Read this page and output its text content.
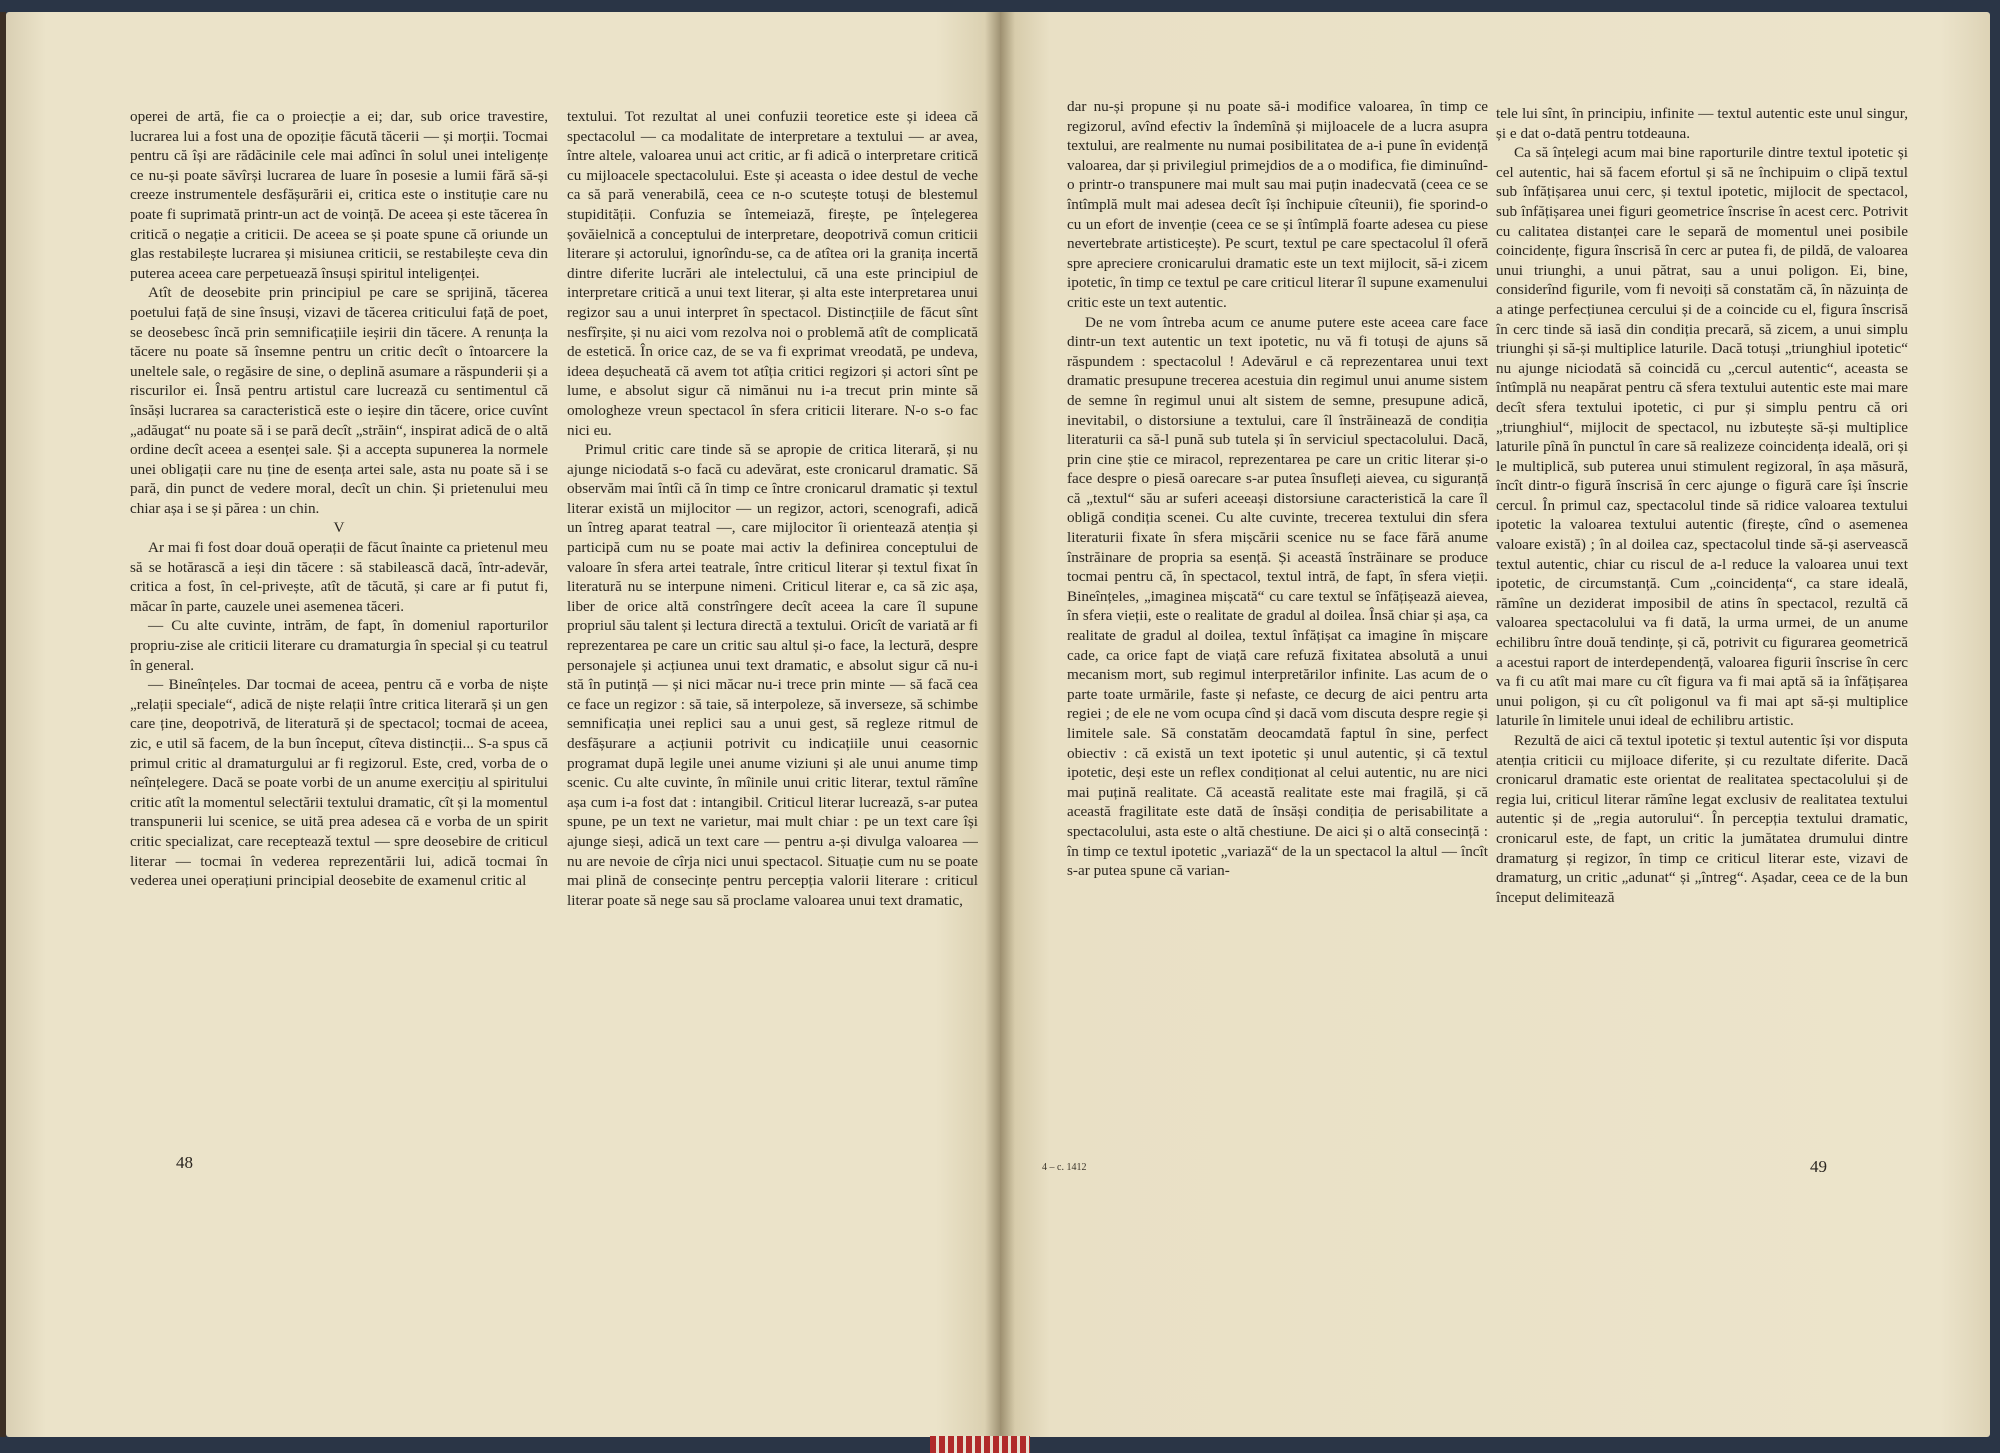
operei de artă, fie ca o proiecție a ei; dar, sub orice travestire, lucrarea lui a fost una de opoziție făcută tăcerii — și morții. Tocmai pentru că își are rădăcinile cele mai adînci în solul unei inteligențe ce nu-și poate săvîrși lucrarea de luare în posesie a lumii fără să-și creeze instrumentele desfășurării ei, critica este o instituție care nu poate fi suprimată printr-un act de voință. De aceea și este tăcerea în critică o negație a criticii. De aceea se și poate spune că oriunde un glas restabilește lucrarea și misiunea criticii, se restabilește ceva din puterea aceea care perpetuează însuși spiritul inteligenței.

Atît de deosebite prin principiul pe care se sprijină, tăcerea poetului față de sine însuși, vizavi de tăcerea criticului față de poet, se deosebesc încă prin semnificațiile ieșirii din tăcere. A renunța la tăcere nu poate să însemne pentru un critic decît o întoarcere la uneltele sale, o regăsire de sine, o deplină asumare a răspunderii și a riscurilor ei. Însă pentru artistul care lucrează cu sentimentul că însăși lucrarea sa caracteristică este o ieșire din tăcere, orice cuvînt „adăugat“ nu poate să i se pară decît „străin“, inspirat adică de o altă ordine decît aceea a esenței sale. Și a accepta supunerea la normele unei obligații care nu ține de esența artei sale, asta nu poate să i se pară, din punct de vedere moral, decît un chin. Și prietenului meu chiar așa i se și părea : un chin.

V

Ar mai fi fost doar două operații de făcut înainte ca prietenul meu să se hotărască a ieși din tăcere : să stabilească dacă, într-adevăr, critica a fost, în cel-privește, atît de tăcută, și care ar fi putut fi, măcar în parte, cauzele unei asemenea tăceri.

— Cu alte cuvinte, intrăm, de fapt, în domeniul raporturilor propriu-zise ale criticii literare cu dramaturgia în special și cu teatrul în general.

— Bineînțeles. Dar tocmai de aceea, pentru că e vorba de niște „relații speciale“, adică de niște relații între critica literară și un gen care ține, deopotrivă, de literatură și de spectacol; tocmai de aceea, zic, e util să facem, de la bun început, cîteva distincții... S-a spus că primul critic al dramaturgului ar fi regizorul. Este, cred, vorba de o neînțelegere. Dacă se poate vorbi de un anume exercițiu al spiritului critic atît la momentul selectării textului dramatic, cît și la momentul transpunerii lui scenice, se uită prea adesea că e vorba de un spirit critic specializat, care recepteazǎ textul — spre deosebire de criticul literar — tocmai în vederea reprezentării lui, adică tocmai în vederea unei operațiuni principial deosebite de examenul critic al

textului. Tot rezultat al unei confuzii teoretice este și ideea că spectacolul — ca modalitate de interpretare a textului — ar avea, între altele, valoarea unui act critic, ar fi adică o interpretare critică cu mijloacele spectacolului. Este și aceasta o idee destul de veche ca să pară venerabilă, ceea ce n-o scutește totuși de blestemul stupidității. Confuzia se întemeiază, firește, pe înțelegerea șovăielnică a conceptului de interpretare, deopotrivă comun criticii literare și actorului, ignorîndu-se, ca de atîtea ori la granița incertă dintre diferite lucrări ale intelectului, că una este principiul de interpretare critică a unui text literar, și alta este interpretarea unui regizor sau a unui interpret în spectacol. Distincțiile de făcut sînt nesfîrșite, și nu aici vom rezolva noi o problemă atît de complicată de estetică. În orice caz, de se va fi exprimat vreodată, pe undeva, ideea deșucheată că avem tot atîția critici regizori și actori sînt pe lume, e absolut sigur că nimănui nu i-a trecut prin minte să omologheze vreun spectacol în sfera criticii literare. N-o s-o fac nici eu.

Primul critic care tinde să se apropie de critica literară, și nu ajunge niciodată s-o facă cu adevărat, este cronicarul dramatic. Să observăm mai întîi că în timp ce între cronicarul dramatic și textul literar există un mijlocitor — un regizor, actori, scenografi, adică un întreg aparat teatral —, care mijlocitor îi orientează atenția și participă cum nu se poate mai activ la definirea conceptului de valoare în sfera artei teatrale, între criticul literar și textul fixat în literatură nu se interpune nimeni. Criticul literar e, ca să zic așa, liber de orice altă constrîngere decît aceea la care îl supune propriul său talent și lectura directă a textului. Oricît de variată ar fi reprezentarea pe care un critic sau altul și-o face, la lectură, despre personajele și acțiunea unui text dramatic, e absolut sigur că nu-i stă în putință — și nici măcar nu-i trece prin minte — să facă cea ce face un regizor : să taie, să interpoleze, să inverseze, să schimbe semnificația unei replici sau a unui gest, să regleze ritmul de desfășurare a acțiunii potrivit cu indicațiile unui ceasornic programat după legile unei anume viziuni și ale unui anume timp scenic. Cu alte cuvinte, în mîinile unui critic literar, textul rămîne așa cum i-a fost dat : intangibil. Criticul literar lucrează, s-ar putea spune, pe un text ne varietur, mai mult chiar : pe un text care își ajunge sieși, adică un text care — pentru a-și divulga valoarea — nu are nevoie de cîrja nici unui spectacol. Situație cum nu se poate mai plină de consecințe pentru percepția valorii literare : criticul literar poate să nege sau să proclame valoarea unui text dramatic,

48

dar nu-și propune și nu poate să-i modifice valoarea, în timp ce regizorul, avînd efectiv la îndemînă și mijloacele de a lucra asupra textului, are realmente nu numai posibilitatea de a-i pune în evidență valoarea, dar și privilegiul primejdios de a o modifica, fie diminuînd-o printr-o transpunere mai mult sau mai puțin inadecvată (ceea ce se întîmplă mult mai adesea decît își închipuie cîteunii), fie sporind-o cu un efort de invenție (ceea ce se și întîmplă foarte adesea cu piese nevertebrate artisticește). Pe scurt, textul pe care spectacolul îl oferă spre apreciere cronicarului dramatic este un text mijlocit, să-i zicem ipotetic, în timp ce textul pe care criticul literar îl supune examenului critic este un text autentic.

De ne vom întreba acum ce anume putere este aceea care face dintr-un text autentic un text ipotetic, nu vă fi totuși de ajuns să răspundem : spectacolul ! Adevărul e că reprezentarea unui text dramatic presupune trecerea acestuia din regimul unui anume sistem de semne în regimul unui alt sistem de semne, presupune adică, inevitabil, o distorsiune a textului, care îl înstrăinează de condiția literaturii ca să-l pună sub tutela și în serviciul spectacolului. Dacă, prin cine știe ce miracol, reprezentarea pe care un critic literar și-o face despre o piesă oarecare s-ar putea însufleți aievea, cu siguranță că „textul“ său ar suferi aceeași distorsiune caracteristică la care îl obligă condiția scenei. Cu alte cuvinte, trecerea textului din sfera literaturii fixate în sfera mișcării scenice nu se face fără anume înstrăinare de propria sa esență. Și această înstrăinare se produce tocmai pentru că, în spectacol, textul intră, de fapt, în sfera vieții. Bineînțeles, „imaginea mișcată“ cu care textul se înfățișează aievea, în sfera vieții, este o realitate de gradul al doilea. Însă chiar și așa, ca realitate de gradul al doilea, textul înfățișat ca imagine în mișcare cade, ca orice fapt de viață care refuză fixitatea absolută a unui mecanism mort, sub regimul interpretărilor infinite. Las acum de o parte toate urmările, faste și nefaste, ce decurg de aici pentru arta regiei ; de ele ne vom ocupa cînd și dacă vom discuta despre regie și limitele sale. Să constatăm deocamdată faptul în sine, perfect obiectiv : că există un text ipotetic și unul autentic, și că textul ipotetic, deși este un reflex condiționat al celui autentic, nu are nici mai puțină realitate. Că această realitate este mai fragilă, și că această fragilitate este dată de însăși condiția de perisabilitate a spectacolului, asta este o altă chestiune. De aici și o altă consecință : în timp ce textul ipotetic „variază“ de la un spectacol la altul — încît s-ar putea spune că varian-

tele lui sînt, în principiu, infinite — textul autentic este unul singur, și e dat o-dată pentru totdeauna.

Ca să înțelegi acum mai bine raporturile dintre textul ipotetic și cel autentic, hai să facem efortul și să ne închipuim o clipă textul sub înfățișarea unui cerc, și textul ipotetic, mijlocit de spectacol, sub înfățișarea unei figuri geometrice înscrise în acest cerc. Potrivit cu calitatea distanței care le separă de momentul unei posibile coincidențe, figura înscrisă în cerc ar putea fi, de pildă, de valoarea unui triunghi, a unui pătrat, sau a unui poligon. Ei, bine, considerînd figurile, vom fi nevoiți să constatăm că, în năzuința de a atinge perfecțiunea cercului și de a coincide cu el, figura înscrisă în cerc tinde să iasă din condiția precară, să zicem, a unui simplu triunghi și să-și multiplice laturile. Dacă totuși „triunghiul ipotetic“ nu ajunge niciodată să coincidă cu „cercul autentic“, aceasta se întîmplă nu neapărat pentru că sfera textului autentic este mai mare decît sfera textului ipotetic, ci pur și simplu pentru că ori „triunghiul“, mijlocit de spectacol, nu izbutește să-și multiplice laturile pînă în punctul în care să realizeze coincidența ideală, ori și le multiplică, sub puterea unui stimulent regizoral, în așa măsură, încît dintr-o figură înscrisă în cerc ajunge o figură care își înscrie cercul. În primul caz, spectacolul tinde să ridice valoarea textului ipotetic la valoarea textului autentic (firește, cînd o asemenea valoare există) ; în al doilea caz, spectacolul tinde să-și aservească textul autentic, chiar cu riscul de a-l reduce la valoarea unui text ipotetic, de circumstanță. Cum „coincidența“, ca stare ideală, rămîne un deziderat imposibil de atins în spectacol, rezultă că valoarea spectacolului va fi dată, la urma urmei, de un anume echilibru între două tendințe, și că, potrivit cu figurarea geometrică a acestui raport de interdependență, valoarea figurii înscrise în cerc va fi cu atît mai mare cu cît figura va fi mai aptă să ia înfățișarea unui poligon, și cu cît poligonul va fi mai apt să-și multiplice laturile în limitele unui ideal de echilibru artistic.

Rezultă de aici că textul ipotetic și textul autentic își vor disputa atenția criticii cu mijloace diferite, și cu rezultate diferite. Dacă cronicarul dramatic este orientat de realitatea spectacolului și de regia lui, criticul literar rămîne legat exclusiv de realitatea textului autentic și de „regia autorului“. În percepția textului dramatic, cronicarul este, de fapt, un critic la jumătatea drumului dintre dramaturg și regizor, în timp ce criticul literar este, vizavi de dramaturg, un critic „adunat“ și „întreg“. Așadar, ceea ce de la bun început delimitează

4 – c. 1412	49
